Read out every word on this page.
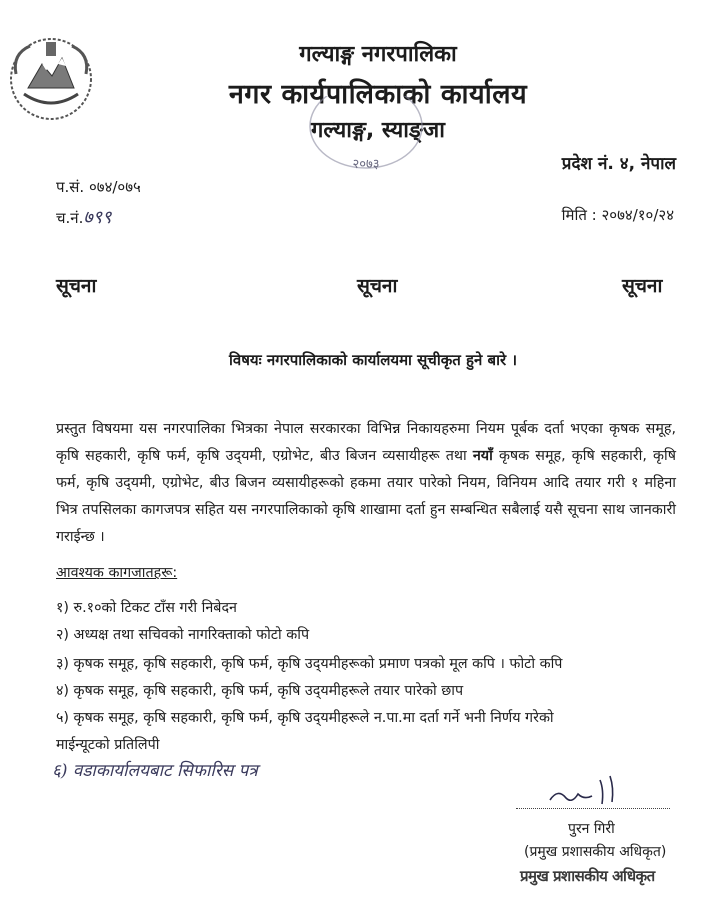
गल्याङ्ग नगरपालिका
नगर कार्यपालिकाको कार्यालय
गल्याङ्ग, स्याङ्जा
२०७३	प्रदेश नं. ४, नेपाल
प.सं. ०७४/०७५
च.नं.७९९	मिति : २०७४/१०/२४
सूचना	सूचना	सूचना
विषयः नगरपालिकाको कार्यालयमा सूचीकृत हुने बारे ।
प्रस्तुत विषयमा यस नगरपालिका भित्रका नेपाल सरकारका विभिन्न निकायहरुमा नियम पूर्बक दर्ता भएका कृषक समूह, कृषि सहकारी, कृषि फर्म, कृषि उद्‌यमी, एग्रोभेट, बीउ बिजन व्यसायीहरू तथा नयाँ कृषक समूह, कृषि सहकारी, कृषि फर्म, कृषि उद्‌यमी, एग्रोभेट, बीउ बिजन व्यसायीहरूको हकमा तयार पारेको नियम, विनियम आदि तयार गरी १ महिना भित्र तपसिलका कागजपत्र सहित यस नगरपालिकाको कृषि शाखामा दर्ता हुन सम्बन्धित सबैलाई यसै सूचना साथ जानकारी गराईन्छ ।
आवश्यक कागजातहरू:
१) रु.१०को टिकट टाँस गरी निबेदन
२) अध्यक्ष तथा सचिवको नागरिक्ताको फोटो कपि
३) कृषक समूह, कृषि सहकारी, कृषि फर्म, कृषि उद्‌यमीहरूको प्रमाण पत्रको मूल कपि । फोटो कपि
४) कृषक समूह, कृषि सहकारी, कृषि फर्म, कृषि उद्‌यमीहरूले तयार पारेको छाप
५) कृषक समूह, कृषि सहकारी, कृषि फर्म, कृषि उद्‌यमीहरूले न.पा.मा दर्ता गर्ने भनी निर्णय गरेको
माईन्यूटको प्रतिलिपी
६) वडाकार्यालयबाट सिफारिस पत्र
पुरन गिरी
(प्रमुख प्रशासकीय अधिकृत)
प्रमुख प्रशासकीय अधिकृत
